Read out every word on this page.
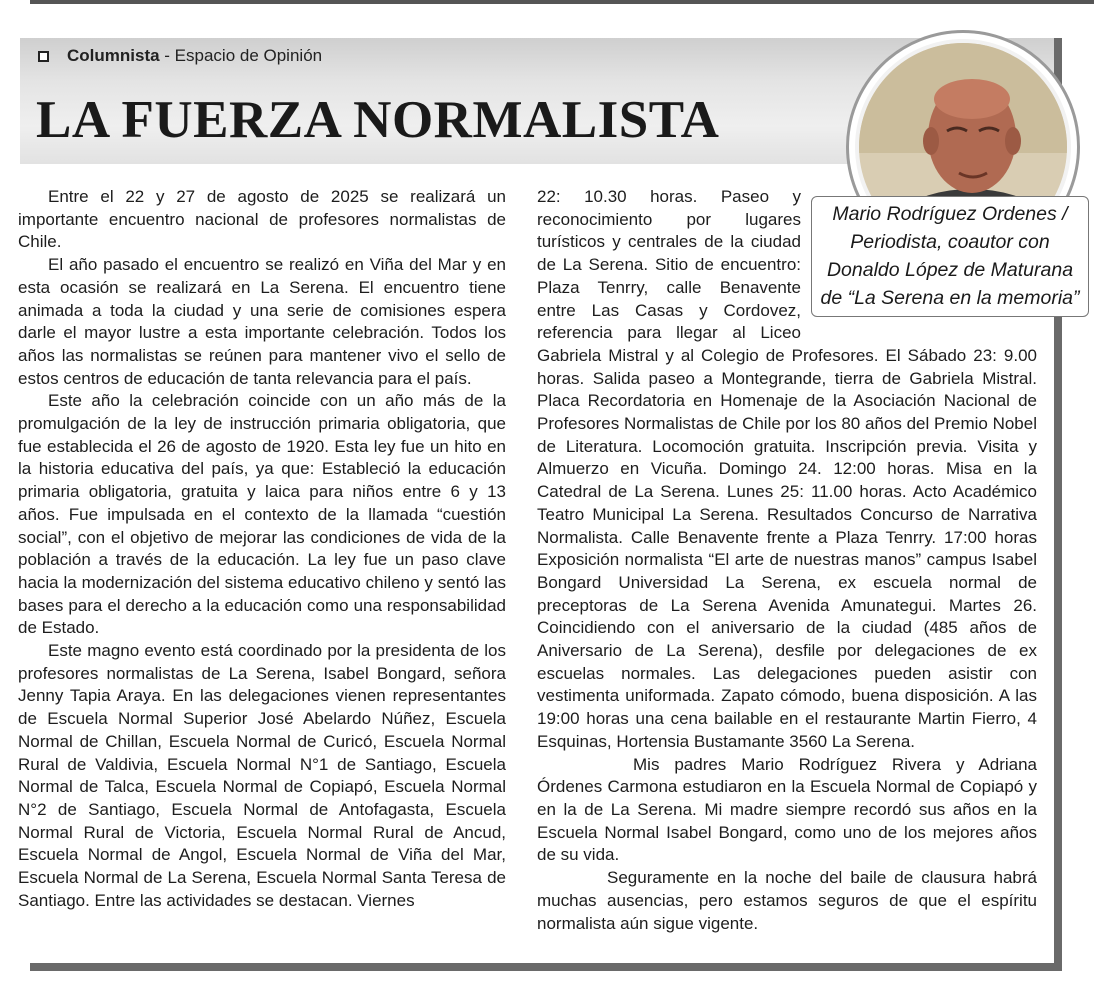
Columnista - Espacio de Opinión
LA FUERZA NORMALISTA
Mario Rodríguez Ordenes /
Periodista, coautor con
Donaldo López de Maturana
de “La Serena en la memoria”

Entre el 22 y 27 de agosto de 2025 se realizará un importante encuentro nacional de profesores normalistas de Chile.

El año pasado el encuentro se realizó en Viña del Mar y en esta ocasión se realizará en La Serena. El encuentro tiene animada a toda la ciudad y una serie de comisiones espera darle el mayor lustre a esta importante celebración. Todos los años las normalistas se reúnen para mantener vivo el sello de estos centros de educación de tanta relevancia para el país.

Este año la celebración coincide con un año más de la promulgación de la ley de instrucción primaria obligatoria, que fue establecida el 26 de agosto de 1920. Esta ley fue un hito en la historia educativa del país, ya que: Estableció la educación primaria obligatoria, gratuita y laica para niños entre 6 y 13 años. Fue impulsada en el contexto de la llamada “cuestión social”, con el objetivo de mejorar las condiciones de vida de la población a través de la educación. La ley fue un paso clave hacia la modernización del sistema educativo chileno y sentó las bases para el derecho a la educación como una responsabilidad de Estado.

Este magno evento está coordinado por la presidenta de los profesores normalistas de La Serena, Isabel Bongard, señora Jenny Tapia Araya. En las delegaciones vienen representantes de Escuela Normal Superior José Abelardo Núñez, Escuela Normal de Chillan, Escuela Normal de Curicó, Escuela Normal Rural de Valdivia, Escuela Normal N°1 de Santiago, Escuela Normal de Talca, Escuela Normal de Copiapó, Escuela Normal N°2 de Santiago, Escuela Normal de Antofagasta, Escuela Normal Rural de Victoria, Escuela Normal Rural de Ancud, Escuela Normal de Angol, Escuela Normal de Viña del Mar, Escuela Normal de La Serena, Escuela Normal Santa Teresa de Santiago. Entre las actividades se destacan. Viernes

22: 10.30 horas. Paseo y reconocimiento por lugares turísticos y centrales de la ciudad de La Serena. Sitio de encuentro: Plaza Tenrry, calle Benavente entre Las Casas y Cordovez, referencia para llegar al Liceo Gabriela Mistral y al Colegio de Profesores. El Sábado 23: 9.00 horas. Salida paseo a Montegrande, tierra de Gabriela Mistral. Placa Recordatoria en Homenaje de la Asociación Nacional de Profesores Normalistas de Chile por los 80 años del Premio Nobel de Literatura. Locomoción gratuita. Inscripción previa. Visita y Almuerzo en Vicuña. Domingo 24. 12:00 horas. Misa en la Catedral de La Serena. Lunes 25: 11.00 horas. Acto Académico Teatro Municipal La Serena. Resultados Concurso de Narrativa Normalista. Calle Benavente frente a Plaza Tenrry. 17:00 horas Exposición normalista “El arte de nuestras manos” campus Isabel Bongard Universidad La Serena, ex escuela normal de preceptoras de La Serena Avenida Amunategui. Martes 26. Coincidiendo con el aniversario de la ciudad (485 años de Aniversario de La Serena), desfile por delegaciones de ex escuelas normales. Las delegaciones pueden asistir con vestimenta uniformada. Zapato cómodo, buena disposición. A las 19:00 horas una cena bailable en el restaurante Martin Fierro, 4 Esquinas, Hortensia Bustamante 3560 La Serena.

Mis padres Mario Rodríguez Rivera y Adriana Órdenes Carmona estudiaron en la Escuela Normal de Copiapó y en la de La Serena. Mi madre siempre recordó sus años en la Escuela Normal Isabel Bongard, como uno de los mejores años de su vida.

Seguramente en la noche del baile de clausura habrá muchas ausencias, pero estamos seguros de que el espíritu normalista aún sigue vigente.
